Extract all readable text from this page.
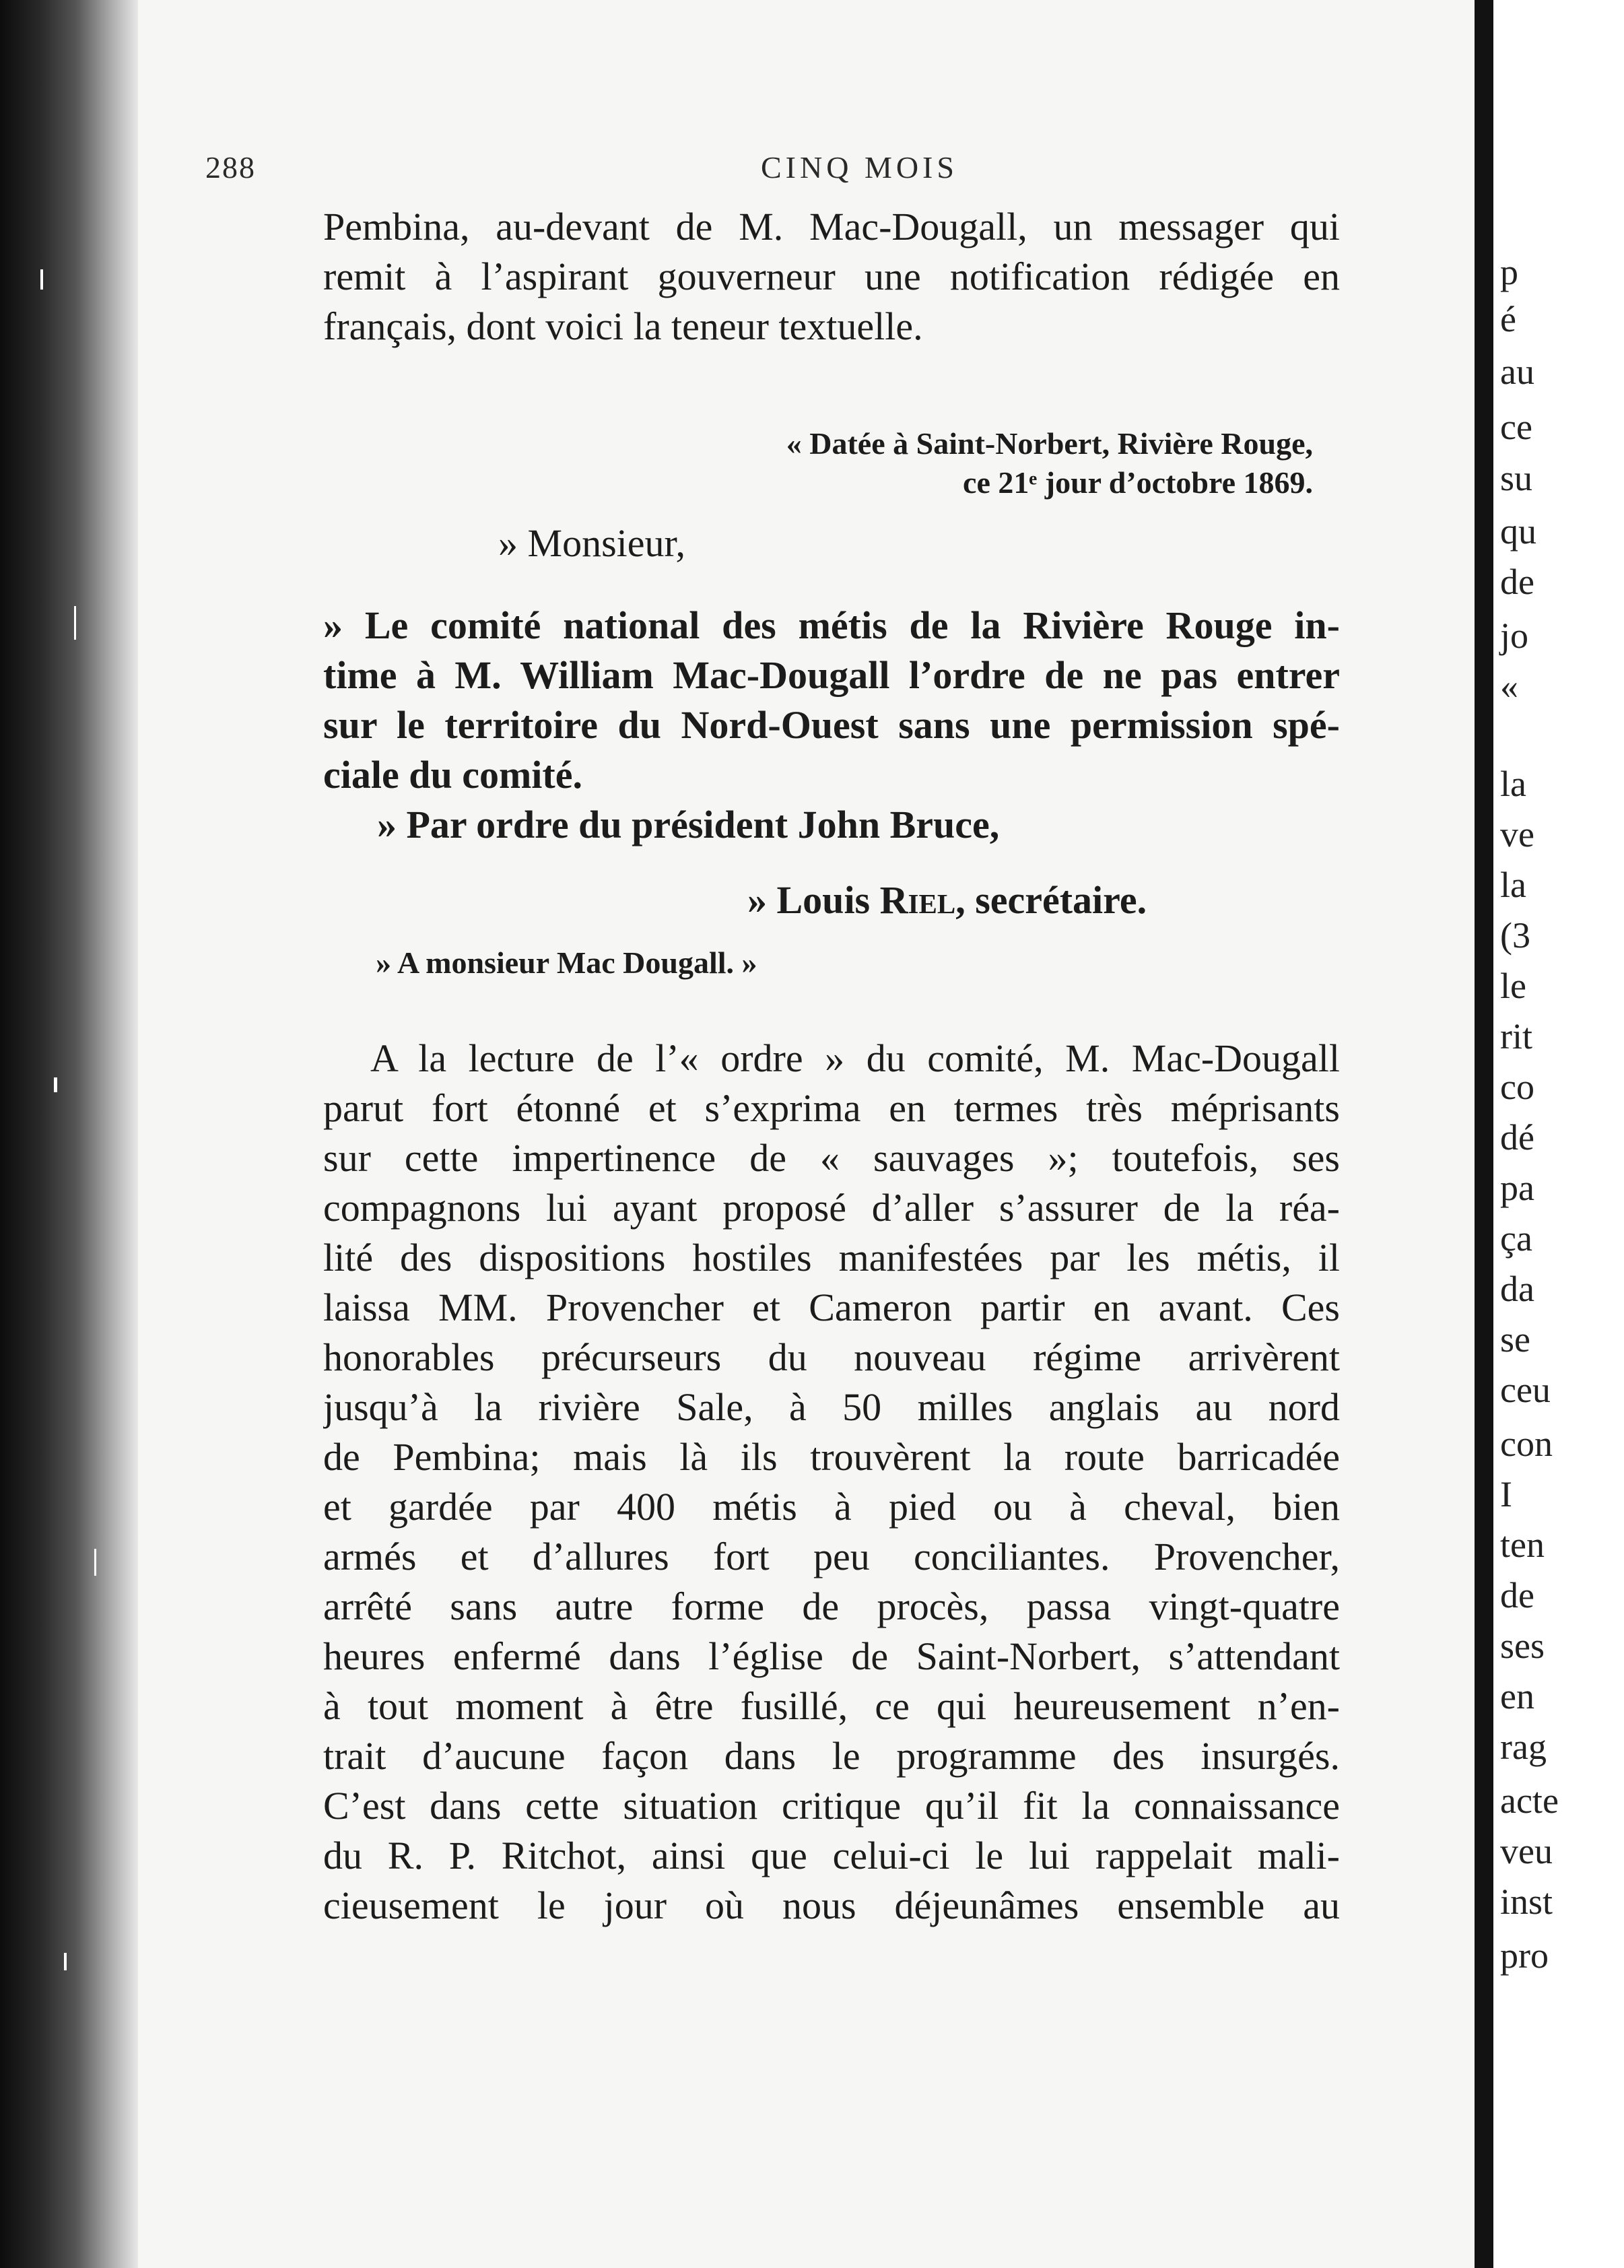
288	CINQ MOIS
Pembina, au-devant de M. Mac-Dougall, un messager qui
remit à l’aspirant gouverneur une notification rédigée en
français, dont voici la teneur textuelle.
« Datée à Saint-Norbert, Rivière Rouge,
ce 21ᵉ jour d’octobre 1869.
» Monsieur,
» Le comité national des métis de la Rivière Rouge in-
time à M. William Mac-Dougall l’ordre de ne pas entrer
sur le territoire du Nord-Ouest sans une permission spé-
ciale du comité.
» Par ordre du président John Bruce,
» Louis Riel, secrétaire.
» A monsieur Mac Dougall. »
A la lecture de l’« ordre » du comité, M. Mac-Dougall
parut fort étonné et s’exprima en termes très méprisants
sur cette impertinence de « sauvages »; toutefois, ses
compagnons lui ayant proposé d’aller s’assurer de la réa-
lité des dispositions hostiles manifestées par les métis, il
laissa MM. Provencher et Cameron partir en avant. Ces
honorables précurseurs du nouveau régime arrivèrent
jusqu’à la rivière Sale, à 50 milles anglais au nord
de Pembina; mais là ils trouvèrent la route barricadée
et gardée par 400 métis à pied ou à cheval, bien
armés et d’allures fort peu conciliantes. Provencher,
arrêté sans autre forme de procès, passa vingt-quatre
heures enfermé dans l’église de Saint-Norbert, s’attendant
à tout moment à être fusillé, ce qui heureusement n’en-
trait d’aucune façon dans le programme des insurgés.
C’est dans cette situation critique qu’il fit la connaissance
du R. P. Ritchot, ainsi que celui-ci le lui rappelait mali-
cieusement le jour où nous déjeunâmes ensemble au
p
é
au
ce
su
qu
de
jo
«
la
ve
la
(3
le
rit
co
dé
pa
ça
da
se
ceu
con
I
ten
de
ses
en
rag
acte
veu
inst
pro
